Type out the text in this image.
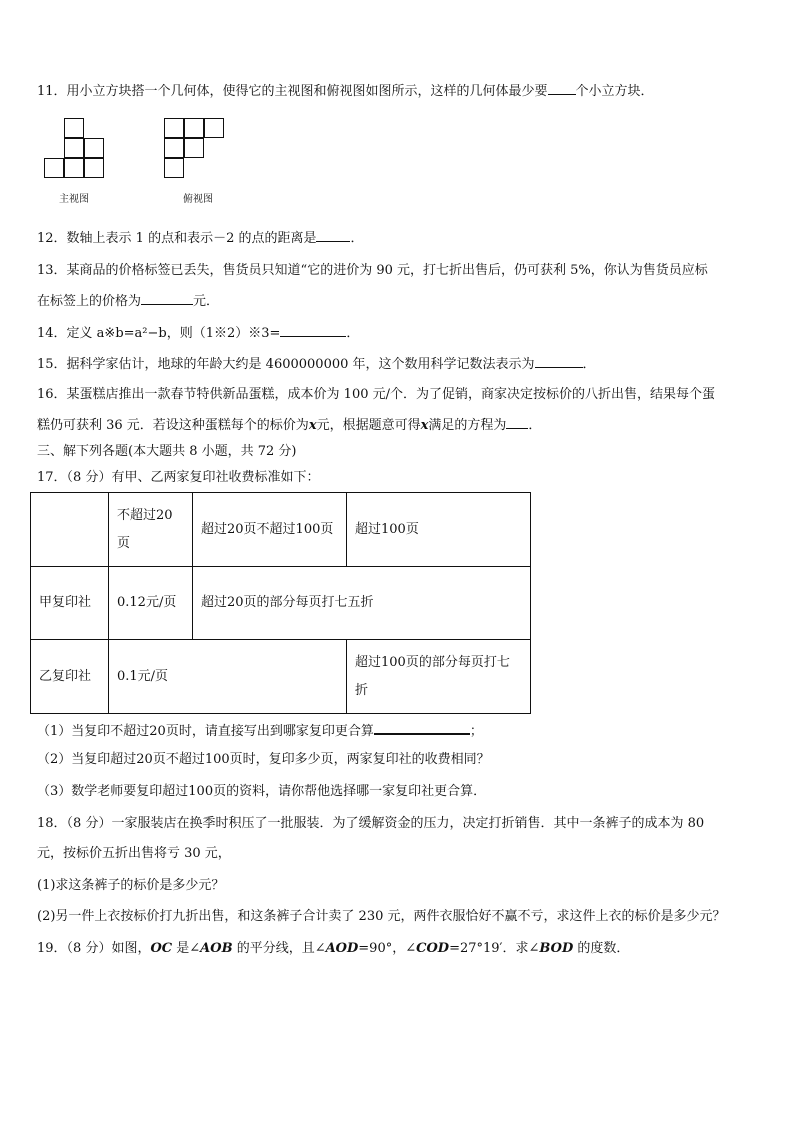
11．用小立方块搭一个几何体，使得它的主视图和俯视图如图所示，这样的几何体最少要 个小立方块．
主视图	俯视图
12．数轴上表示 1 的点和表示－2 的点的距离是	．
13．某商品的价格标签已丢失，售货员只知道“它的进价为 90 元，打七折出售后，仍可获利 5%，你认为售货员应标
在标签上的价格为	元．
14．定义 a※b=a²−b，则（1※2）※3=	．
15．据科学家估计，地球的年龄大约是 4600000000 年，这个数用科学记数法表示为	．
16．某蛋糕店推出一款春节特供新品蛋糕，成本价为 100 元/个．为了促销，商家决定按标价的八折出售，结果每个蛋
糕仍可获利 36 元．若设这种蛋糕每个的标价为x元，根据题意可得x满足的方程为 ．
三、解下列各题(本大题共 8 小题，共 72 分)
17．（8 分）有甲、乙两家复印社收费标准如下：
	不超过20页	超过20页不超过100页	超过100页
甲复印社	0.12元/页	超过20页的部分每页打七五折	
乙复印社	0.1元/页		超过100页的部分每页打七折
（1）当复印不超过20页时，请直接写出到哪家复印更合算	；
（2）当复印超过20页不超过100页时，复印多少页，两家复印社的收费相同？
（3）数学老师要复印超过100页的资料，请你帮他选择哪一家复印社更合算．
18．（8 分）一家服装店在换季时积压了一批服装．为了缓解资金的压力，决定打折销售．其中一条裤子的成本为 80
元，按标价五折出售将亏 30 元，
(1)求这条裤子的标价是多少元？
(2)另一件上衣按标价打九折出售，和这条裤子合计卖了 230 元，两件衣服恰好不赢不亏，求这件上衣的标价是多少元？
19．（8 分）如图，OC 是∠AOB 的平分线，且∠AOD=90°，∠COD=27°19′．求∠BOD 的度数．
